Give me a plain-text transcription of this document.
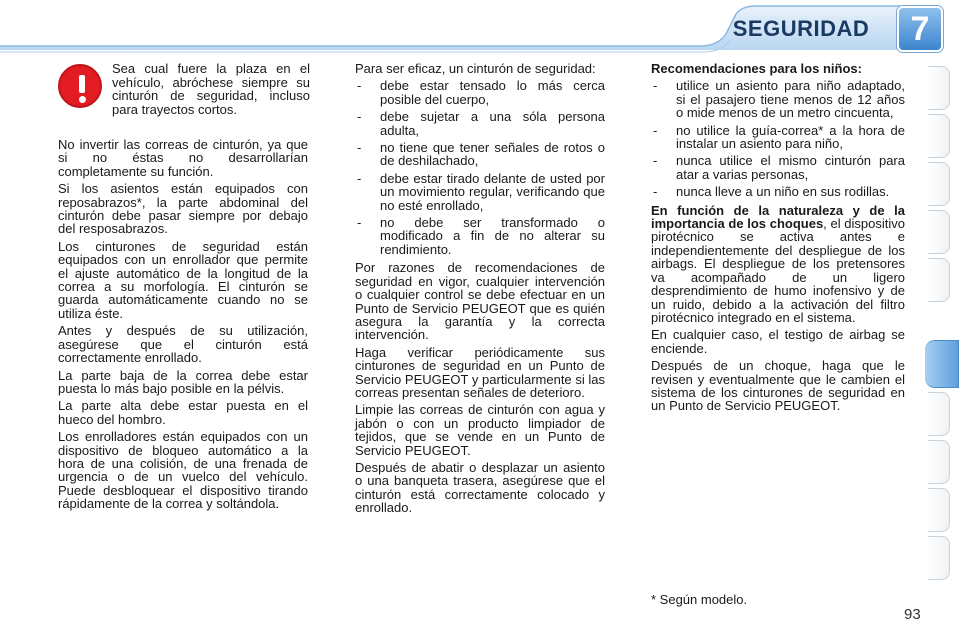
SEGURIDAD	7
Sea cual fuere la plaza en el vehículo, abróchese siempre su cinturón de seguridad, incluso para trayectos cortos.

No invertir las correas de cinturón, ya que si no éstas no desarrollarían completamente su función.

Si los asientos están equipados con reposabrazos*, la parte abdominal del cinturón debe pasar siempre por debajo del resposabrazos.

Los cinturones de seguridad están equipados con un enrollador que permite el ajuste automático de la longitud de la correa a su morfología. El cinturón se guarda automáticamente cuando no se utiliza éste.

Antes y después de su utilización, asegúrese que el cinturón está correctamente enrollado.

La parte baja de la correa debe estar puesta lo más bajo posible en la pélvis.

La parte alta debe estar puesta en el hueco del hombro.

Los enrolladores están equipados con un dispositivo de bloqueo automático a la hora de una colisión, de una frenada de urgencia o de un vuelco del vehículo. Puede desbloquear el dispositivo tirando rápidamente de la correa y soltándola.

Para ser eficaz, un cinturón de seguridad:

- debe estar tensado lo más cerca posible del cuerpo,
- debe sujetar a una sóla persona adulta,
- no tiene que tener señales de rotos o de deshilachado,
- debe estar tirado delante de usted por un movimiento regular, verificando que no esté enrollado,
- no debe ser transformado o modificado a fin de no alterar su rendimiento.

Por razones de recomendaciones de seguridad en vigor, cualquier intervención o cualquier control se debe efectuar en un Punto de Servicio PEUGEOT que es quién asegura la garantía y la correcta intervención.

Haga verificar periódicamente sus cinturones de seguridad en un Punto de Servicio PEUGEOT y particularmente si las correas presentan señales de deterioro.

Limpie las correas de cinturón con agua y jabón o con un producto limpiador de tejidos, que se vende en un Punto de Servicio PEUGEOT.

Después de abatir o desplazar un asiento o una banqueta trasera, asegúrese que el cinturón está correctamente colocado y enrollado.

Recomendaciones para los niños:

- utilice un asiento para niño adaptado, si el pasajero tiene menos de 12 años o mide menos de un metro cincuenta,
- no utilice la guía-correa* a la hora de instalar un asiento para niño,
- nunca utilice el mismo cinturón para atar a varias personas,
- nunca lleve a un niño en sus rodillas.

En función de la naturaleza y de la importancia de los choques, el dispositivo pirotécnico se activa antes e independientemente del despliegue de los airbags. El despliegue de los pretensores va acompañado de un ligero desprendimiento de humo inofensivo y de un ruido, debido a la activación del filtro pirotécnico integrado en el sistema.

En cualquier caso, el testigo de airbag se enciende.

Después de un choque, haga que le revisen y eventualmente que le cambien el sistema de los cinturones de seguridad en un Punto de Servicio PEUGEOT.

* Según modelo.
93
